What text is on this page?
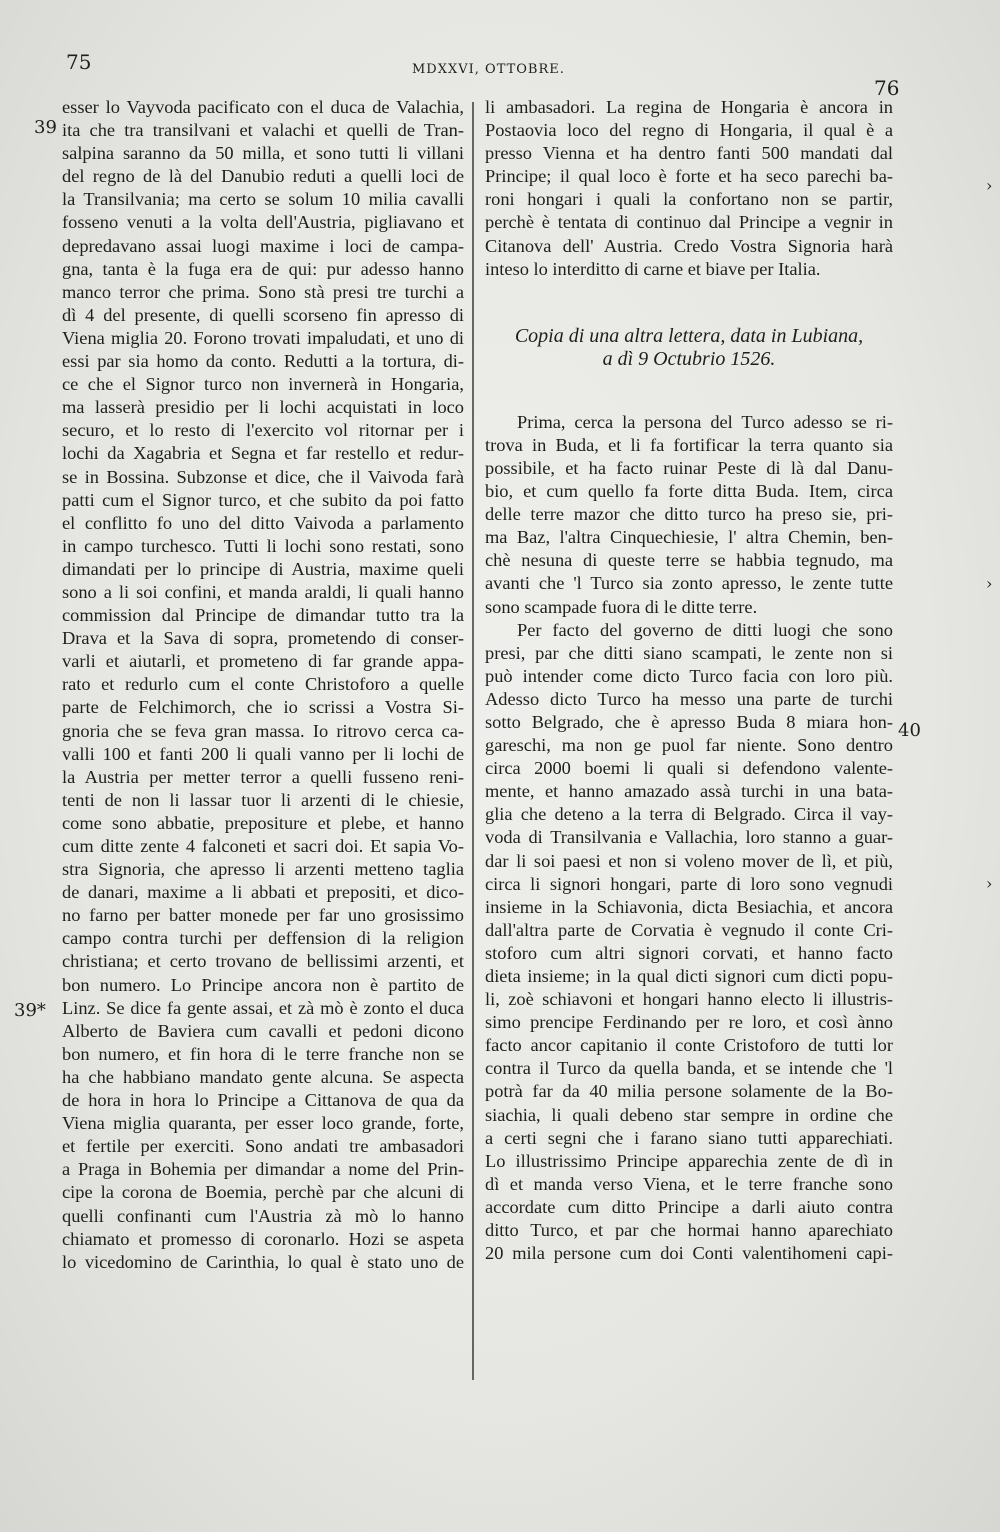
75	MDXXVI, OTTOBRE.
76
39
39*
40
›
›
›
esser lo Vayvoda pacificato con el duca de Valachia,
ita che tra transilvani et valachi et quelli de Tran-
salpina saranno da 50 milla, et sono tutti li villani
del regno de là del Danubio reduti a quelli loci de
la Transilvania; ma certo se solum 10 milia cavalli
fosseno venuti a la volta dell'Austria, pigliavano et
depredavano assai luogi maxime i loci de campa-
gna, tanta è la fuga era de qui: pur adesso hanno
manco terror che prima. Sono stà presi tre turchi a
dì 4 del presente, di quelli scorseno fin apresso di
Viena miglia 20. Forono trovati impaludati, et uno di
essi par sia homo da conto. Redutti a la tortura, di-
ce che el Signor turco non invernerà in Hongaria,
ma lasserà presidio per li lochi acquistati in loco
securo, et lo resto di l'exercito vol ritornar per i
lochi da Xagabria et Segna et far restello et redur-
se in Bossina. Subzonse et dice, che il Vaivoda farà
patti cum el Signor turco, et che subito da poi fatto
el conflitto fo uno del ditto Vaivoda a parlamento
in campo turchesco. Tutti li lochi sono restati, sono
dimandati per lo principe di Austria, maxime queli
sono a li soi confini, et manda araldi, li quali hanno
commission dal Principe de dimandar tutto tra la
Drava et la Sava di sopra, prometendo di conser-
varli et aiutarli, et prometeno di far grande appa-
rato et redurlo cum el conte Christoforo a quelle
parte de Felchimorch, che io scrissi a Vostra Si-
gnoria che se feva gran massa. Io ritrovo cerca ca-
valli 100 et fanti 200 li quali vanno per li lochi de
la Austria per metter terror a quelli fusseno reni-
tenti de non li lassar tuor li arzenti di le chiesie,
come sono abbatie, prepositure et plebe, et hanno
cum ditte zente 4 falconeti et sacri doi. Et sapia Vo-
stra Signoria, che apresso li arzenti metteno taglia
de danari, maxime a li abbati et prepositi, et dico-
no farno per batter monede per far uno grosissimo
campo contra turchi per deffension di la religion
christiana; et certo trovano de bellissimi arzenti, et
bon numero. Lo Principe ancora non è partito de
Linz. Se dice fa gente assai, et zà mò è zonto el duca
Alberto de Baviera cum cavalli et pedoni dicono
bon numero, et fin hora di le terre franche non se
ha che habbiano mandato gente alcuna. Se aspecta
de hora in hora lo Principe a Cittanova de qua da
Viena miglia quaranta, per esser loco grande, forte,
et fertile per exerciti. Sono andati tre ambasadori
a Praga in Bohemia per dimandar a nome del Prin-
cipe la corona de Boemia, perchè par che alcuni di
quelli confinanti cum l'Austria zà mò lo hanno
chiamato et promesso di coronarlo. Hozi se aspeta
lo vicedomino de Carinthia, lo qual è stato uno de
li ambasadori. La regina de Hongaria è ancora in
Postaovia loco del regno di Hongaria, il qual è a
presso Vienna et ha dentro fanti 500 mandati dal
Principe; il qual loco è forte et ha seco parechi ba-
roni hongari i quali la confortano non se partir,
perchè è tentata di continuo dal Principe a vegnir in
Citanova dell' Austria. Credo Vostra Signoria harà
inteso lo interditto di carne et biave per Italia.
Copia di una altra lettera, data in Lubiana,
a dì 9 Octubrio 1526.
Prima, cerca la persona del Turco adesso se ri-
trova in Buda, et li fa fortificar la terra quanto sia
possibile, et ha facto ruinar Peste di là dal Danu-
bio, et cum quello fa forte ditta Buda. Item, circa
delle terre mazor che ditto turco ha preso sie, pri-
ma Baz, l'altra Cinquechiesie, l' altra Chemin, ben-
chè nesuna di queste terre se habbia tegnudo, ma
avanti che 'l Turco sia zonto apresso, le zente tutte
sono scampade fuora di le ditte terre.
Per facto del governo de ditti luogi che sono
presi, par che ditti siano scampati, le zente non si
può intender come dicto Turco facia con loro più.
Adesso dicto Turco ha messo una parte de turchi
sotto Belgrado, che è apresso Buda 8 miara hon-
gareschi, ma non ge puol far niente. Sono dentro
circa 2000 boemi li quali si defendono valente-
mente, et hanno amazado assà turchi in una bata-
glia che deteno a la terra di Belgrado. Circa il vay-
voda di Transilvania e Vallachia, loro stanno a guar-
dar li soi paesi et non si voleno mover de lì, et più,
circa li signori hongari, parte di loro sono vegnudi
insieme in la Schiavonia, dicta Besiachia, et ancora
dall'altra parte de Corvatia è vegnudo il conte Cri-
stoforo cum altri signori corvati, et hanno facto
dieta insieme; in la qual dicti signori cum dicti popu-
li, zoè schiavoni et hongari hanno electo li illustris-
simo prencipe Ferdinando per re loro, et così ànno
facto ancor capitanio il conte Cristoforo de tutti lor
contra il Turco da quella banda, et se intende che 'l
potrà far da 40 milia persone solamente de la Bo-
siachia, li quali debeno star sempre in ordine che
a certi segni che i farano siano tutti apparechiati.
Lo illustrissimo Principe apparechia zente de dì in
dì et manda verso Viena, et le terre franche sono
accordate cum ditto Principe a darli aiuto contra
ditto Turco, et par che hormai hanno aparechiato
20 mila persone cum doi Conti valentihomeni capi-
